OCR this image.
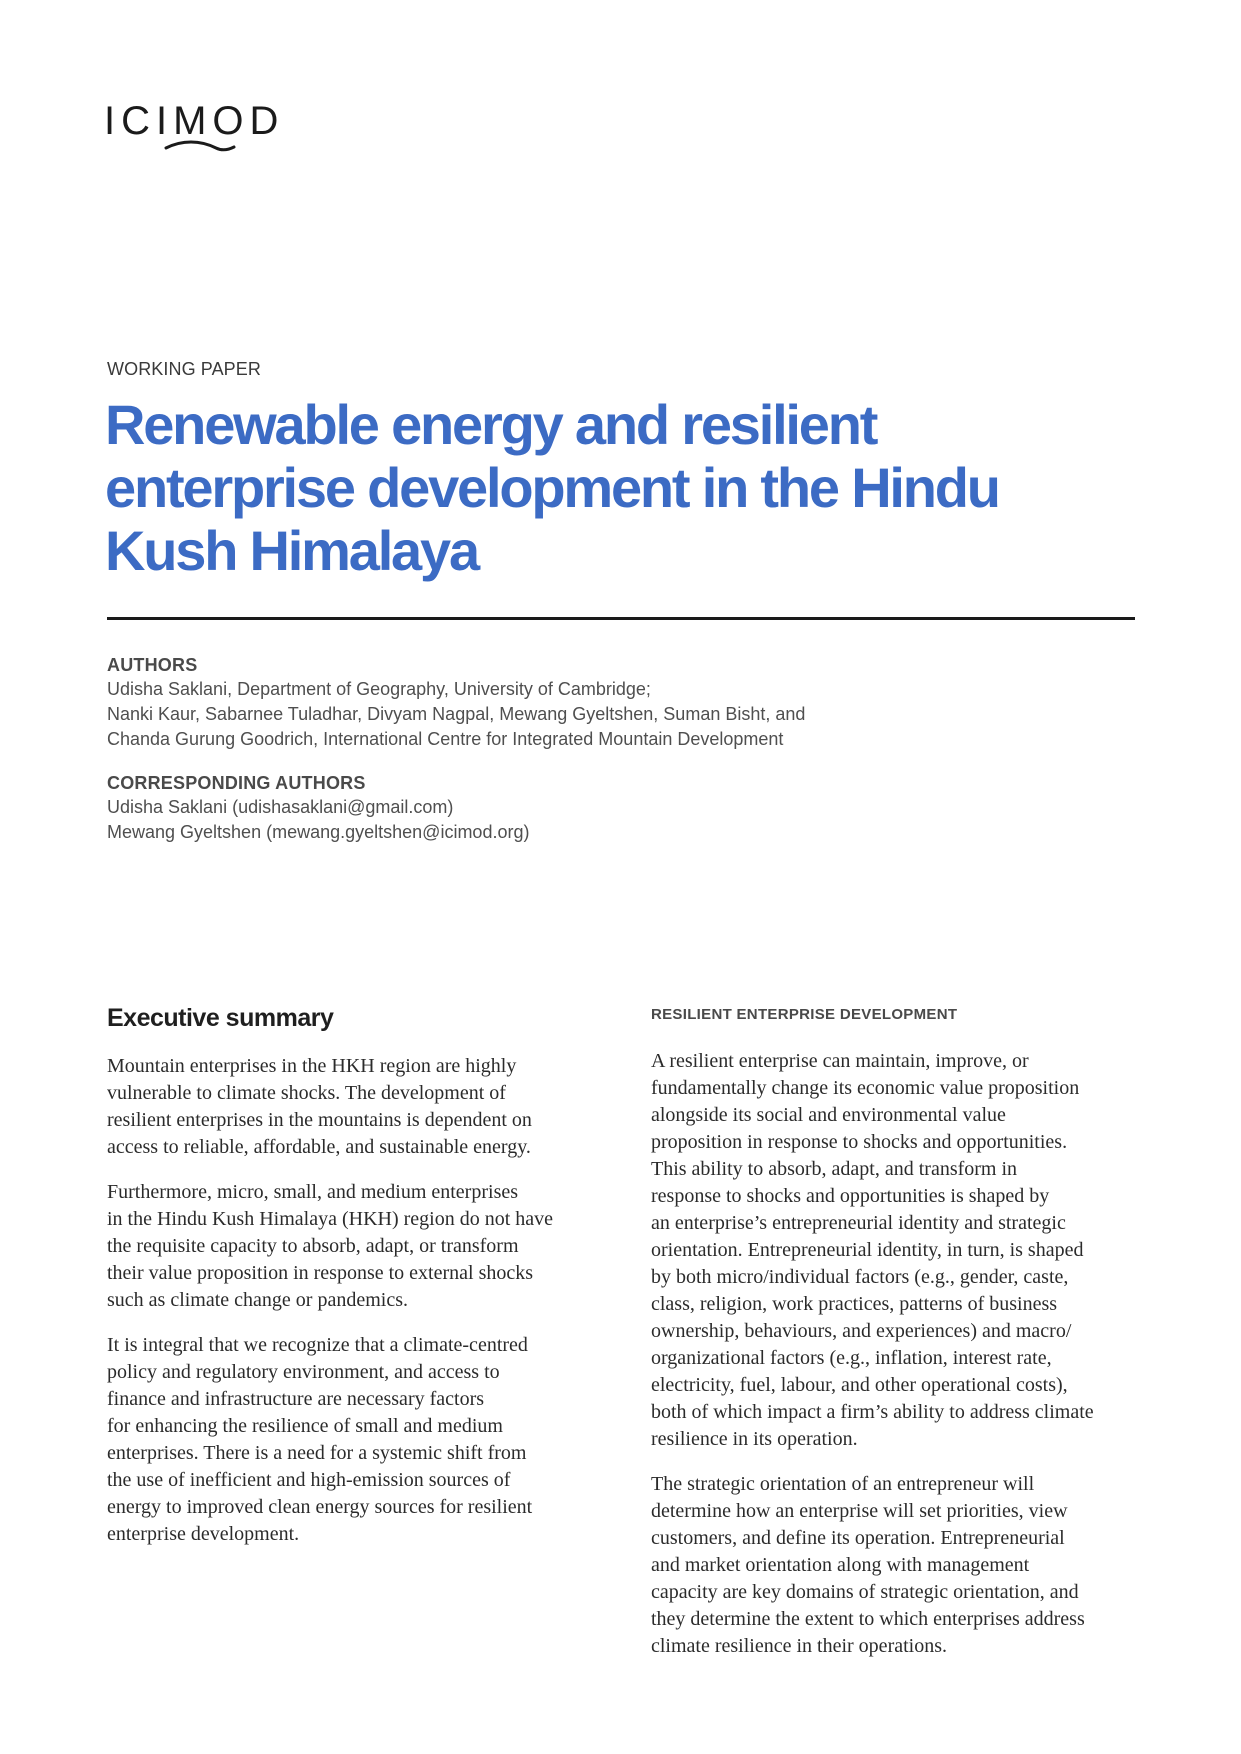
ICIMOD
WORKING PAPER
Renewable energy and resilient
enterprise development in the Hindu
Kush Himalaya
AUTHORS
Udisha Saklani, Department of Geography, University of Cambridge;
Nanki Kaur, Sabarnee Tuladhar, Divyam Nagpal, Mewang Gyeltshen, Suman Bisht, and
Chanda Gurung Goodrich, International Centre for Integrated Mountain Development
CORRESPONDING AUTHORS
Udisha Saklani (udishasaklani@gmail.com)
Mewang Gyeltshen (mewang.gyeltshen@icimod.org)
Executive summary

Mountain enterprises in the HKH region are highly
vulnerable to climate shocks. The development of
resilient enterprises in the mountains is dependent on
access to reliable, affordable, and sustainable energy.

Furthermore, micro, small, and medium enterprises
in the Hindu Kush Himalaya (HKH) region do not have
the requisite capacity to absorb, adapt, or transform
their value proposition in response to external shocks
such as climate change or pandemics.

It is integral that we recognize that a climate-centred
policy and regulatory environment, and access to
finance and infrastructure are necessary factors
for enhancing the resilience of small and medium
enterprises. There is a need for a systemic shift from
the use of inefficient and high-emission sources of
energy to improved clean energy sources for resilient
enterprise development.

RESILIENT ENTERPRISE DEVELOPMENT

A resilient enterprise can maintain, improve, or
fundamentally change its economic value proposition
alongside its social and environmental value
proposition in response to shocks and opportunities.
This ability to absorb, adapt, and transform in
response to shocks and opportunities is shaped by
an enterprise’s entrepreneurial identity and strategic
orientation. Entrepreneurial identity, in turn, is shaped
by both micro/individual factors (e.g., gender, caste,
class, religion, work practices, patterns of business
ownership, behaviours, and experiences) and macro/
organizational factors (e.g., inflation, interest rate,
electricity, fuel, labour, and other operational costs),
both of which impact a firm’s ability to address climate
resilience in its operation.

The strategic orientation of an entrepreneur will
determine how an enterprise will set priorities, view
customers, and define its operation. Entrepreneurial
and market orientation along with management
capacity are key domains of strategic orientation, and
they determine the extent to which enterprises address
climate resilience in their operations.
